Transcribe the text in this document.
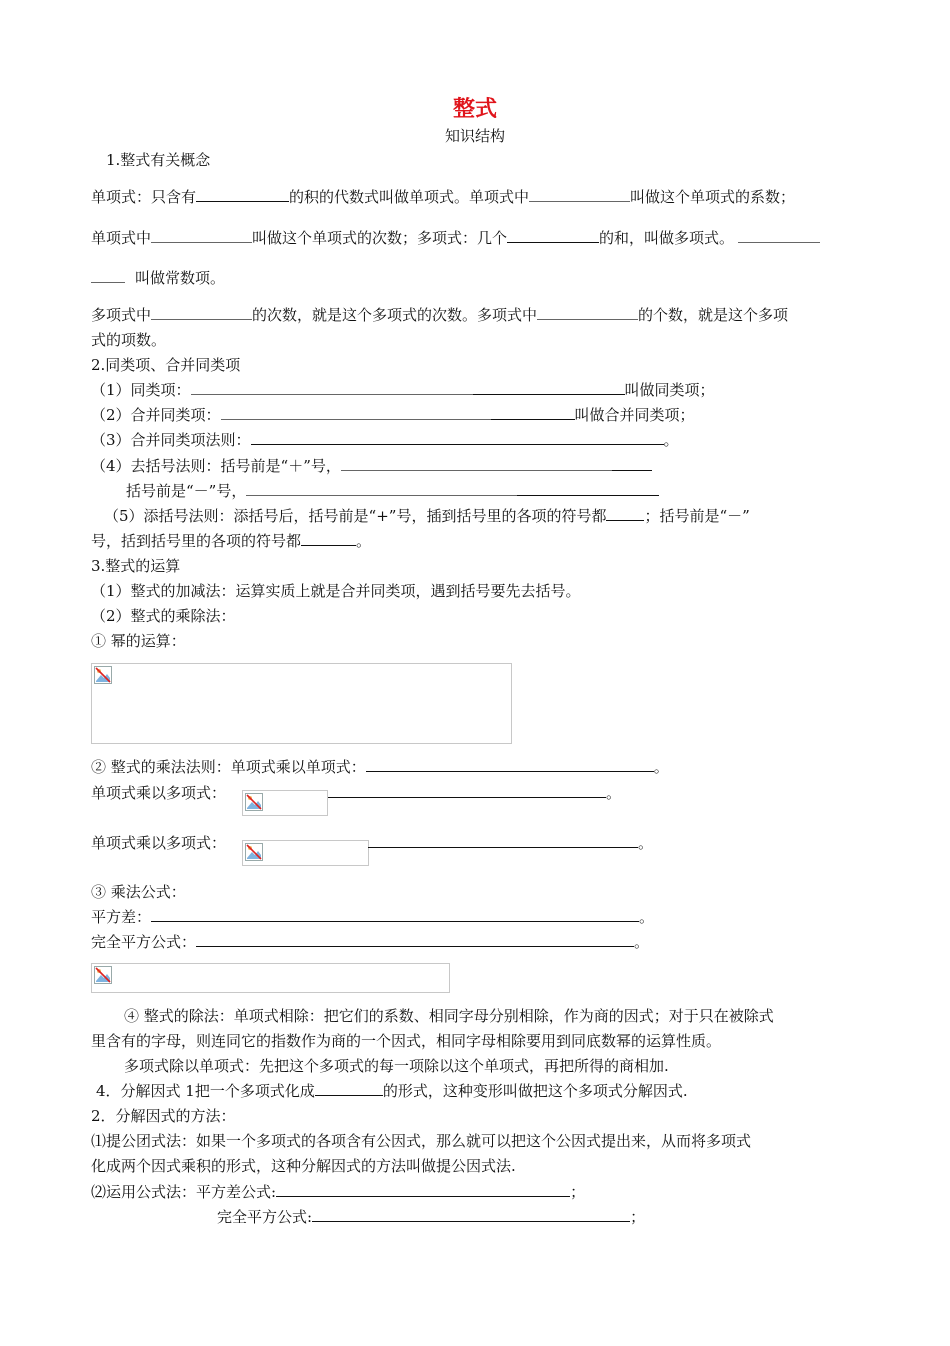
整式
知识结构
1.整式有关概念
单项式：只含有	的积的代数式叫做单项式。单项式中	叫做这个单项式的系数；
单项式中	叫做这个单项式的次数；多项式：几个	的和，叫做多项式。
叫做常数项。
多项式中	的次数，就是这个多项式的次数。多项式中	的个数，就是这个多项
式的项数。
2.同类项、合并同类项
（1）同类项：	叫做同类项；
（2）合并同类项：	叫做合并同类项；
（3）合并同类项法则：	。
（4）去括号法则：括号前是“＋”号，
括号前是“－”号，
（5）添括号法则：添括号后，括号前是“+”号，插到括号里的各项的符号都	；括号前是“－”
号，括到括号里的各项的符号都	。
3.整式的运算
（1）整式的加减法：运算实质上就是合并同类项，遇到括号要先去括号。
（2）整式的乘除法：
① 幂的运算：
② 整式的乘法法则：单项式乘以单项式：	。
单项式乘以多项式：	。
单项式乘以多项式：	。
③ 乘法公式：
平方差：	。
完全平方公式：	。
④ 整式的除法：单项式相除：把它们的系数、相同字母分别相除，作为商的因式；对于只在被除式
里含有的字母，则连同它的指数作为商的一个因式，相同字母相除要用到同底数幂的运算性质。
多项式除以单项式：先把这个多项式的每一项除以这个单项式，再把所得的商相加.
4．分解因式 1把一个多项式化成	的形式，这种变形叫做把这个多项式分解因式.
2．分解因式的方法：
⑴提公团式法：如果一个多项式的各项含有公因式，那么就可以把这个公因式提出来，从而将多项式
化成两个因式乘积的形式，这种分解因式的方法叫做提公因式法.
⑵运用公式法：平方差公式:	；
完全平方公式:	；
